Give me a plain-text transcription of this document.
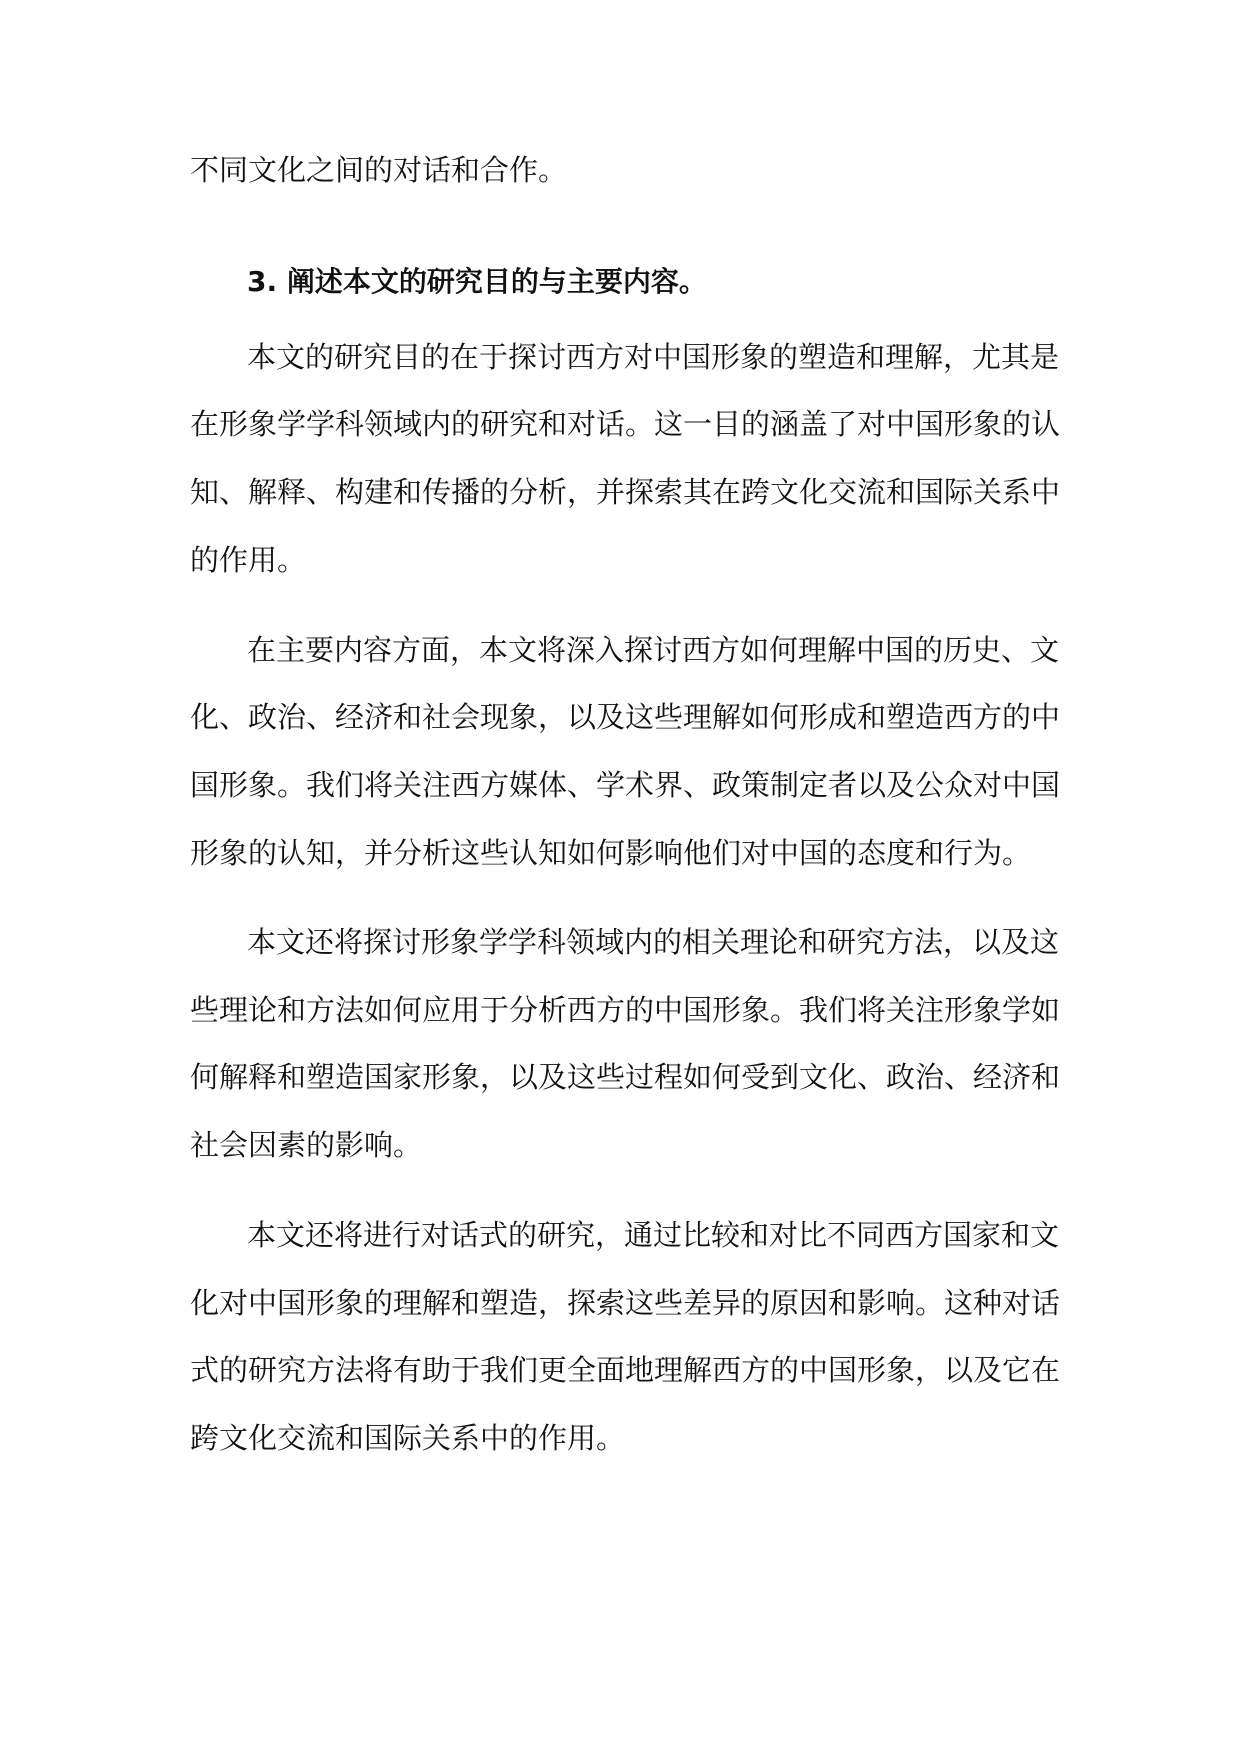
不同文化之间的对话和合作。

3. 阐述本文的研究目的与主要内容。

本文的研究目的在于探讨西方对中国形象的塑造和理解，尤其是

在形象学学科领域内的研究和对话。这一目的涵盖了对中国形象的认

知、解释、构建和传播的分析，并探索其在跨文化交流和国际关系中

的作用。

在主要内容方面，本文将深入探讨西方如何理解中国的历史、文

化、政治、经济和社会现象，以及这些理解如何形成和塑造西方的中

国形象。我们将关注西方媒体、学术界、政策制定者以及公众对中国

形象的认知，并分析这些认知如何影响他们对中国的态度和行为。

本文还将探讨形象学学科领域内的相关理论和研究方法，以及这

些理论和方法如何应用于分析西方的中国形象。我们将关注形象学如

何解释和塑造国家形象，以及这些过程如何受到文化、政治、经济和

社会因素的影响。

本文还将进行对话式的研究，通过比较和对比不同西方国家和文

化对中国形象的理解和塑造，探索这些差异的原因和影响。这种对话

式的研究方法将有助于我们更全面地理解西方的中国形象，以及它在

跨文化交流和国际关系中的作用。
